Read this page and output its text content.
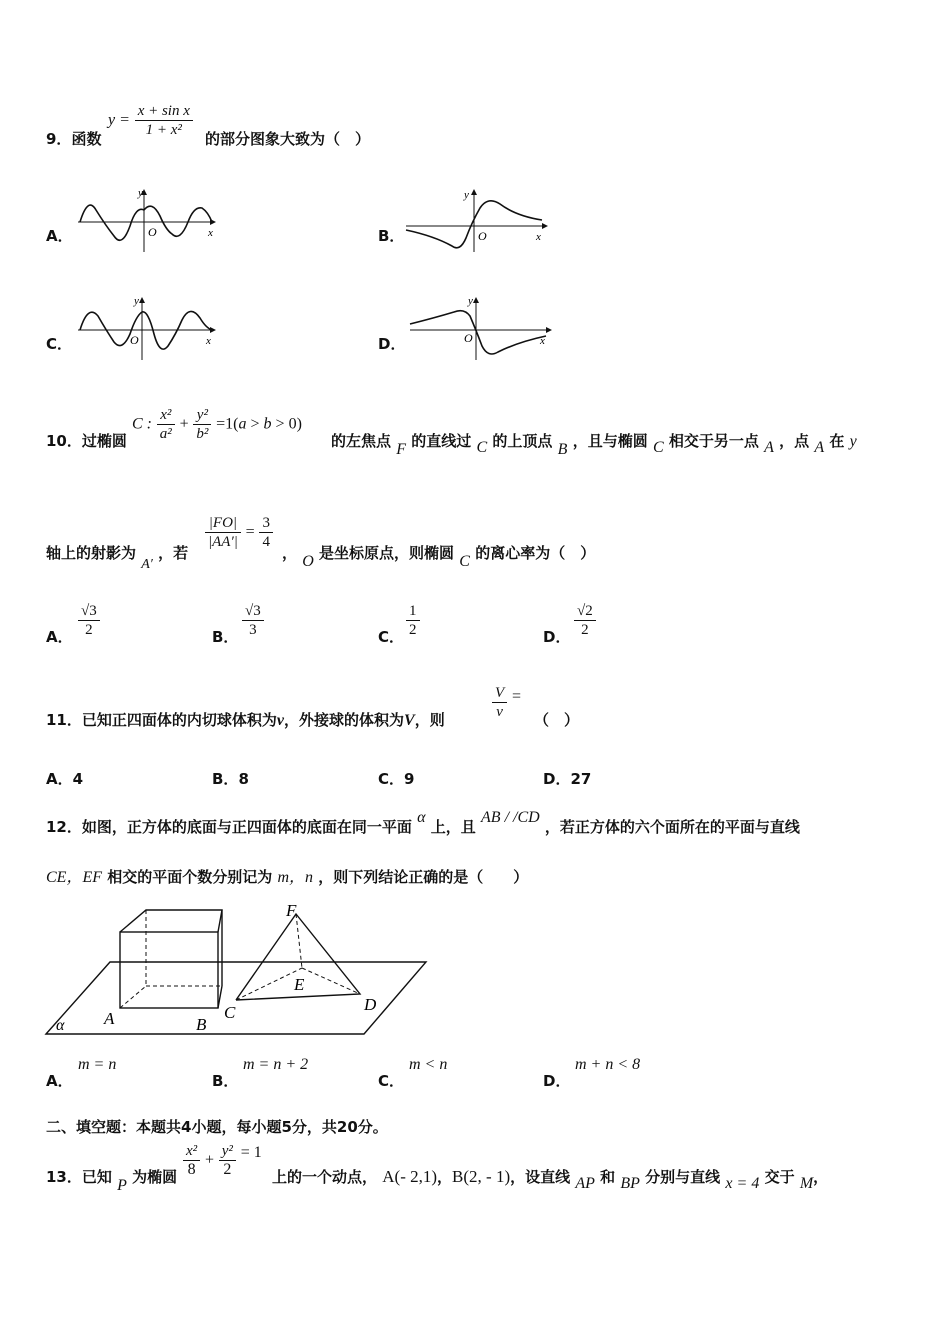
9．函数
$y = \frac{\text{x + sin x}}{\text{1 + x²}}$ 的部分图象大致为（　）
A．	B．
C．	D．
y
x
O
y
x
O
y
x
O
y
x
O
10．过椭圆
C : $\frac{\text{x²}}{\text{a²}} + \frac{\text{y²}}{\text{b²}} =1(a > b > 0)$
的左焦点 F 的直线过 C 的上顶点 B ，且与椭圆 C 相交于另一点 A ，点 A 在 y
轴上的射影为 A′ ，若
$\frac{|FO|}{|AA'|} = \frac{3}{4}$
， O 是坐标原点，则椭圆 C 的离心率为（　）
A． $\frac{√3}{2}$	B． $\frac{√3}{3}$	C． $\frac{1}{2}$	D． $\frac{√2}{2}$
11．已知正四面体的内切球体积为v，外接球的体积为V，则	$\frac{V}{v}$ =
（　）
A．4	B．8	C．9	D．27
12．如图，正方体的底面与正四面体的底面在同一平面 α 上，且 AB / /CD ，若正方体的六个面所在的平面与直线
CE，EF 相交的平面个数分别记为 m，n ，则下列结论正确的是（　　）
A	B
C	D
E
F
α
A．
m = n
B．
m = n + 2
C．
m < n
D．
m + n < 8
二、填空题：本题共4小题，每小题5分，共20分。
13．已知 P 为椭圆 $\frac{\text{x²}}{8} + \frac{\text{y²}}{2} = 1$
上的一个动点， A(- 2,1)，B(2, - 1)，设直线 AP 和 BP 分别与直线 x = 4 交于 M，
